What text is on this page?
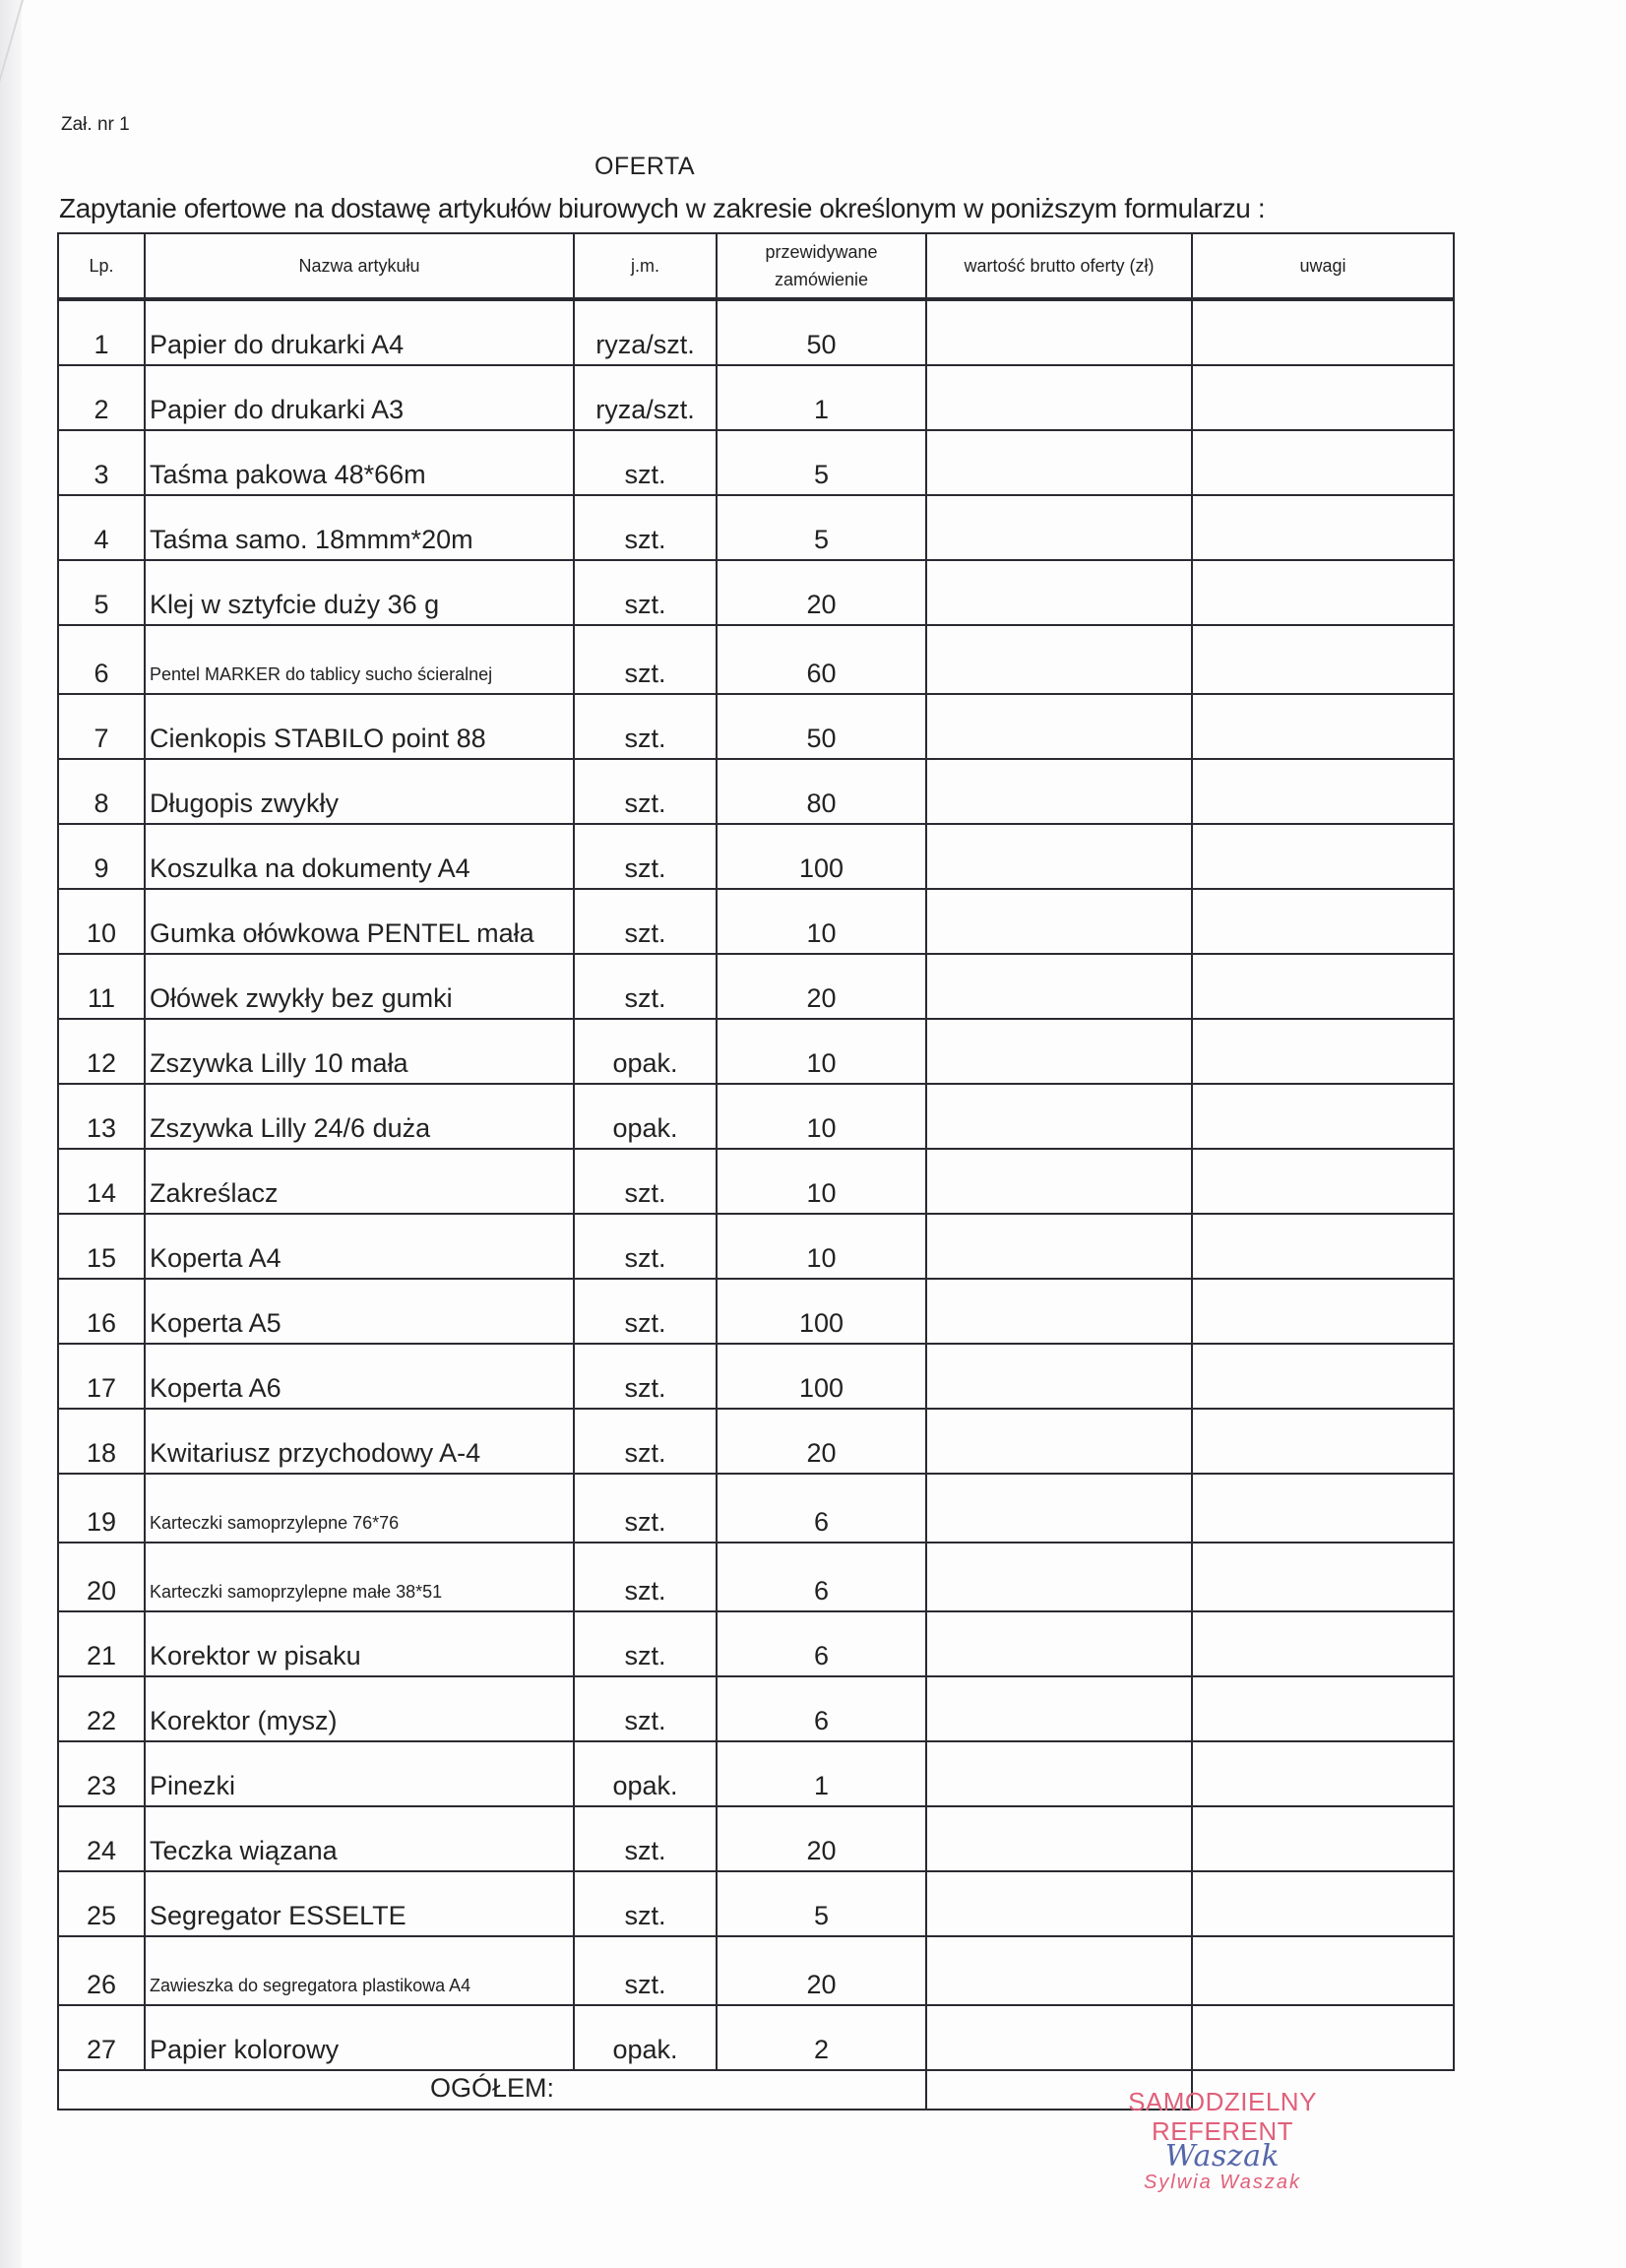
Zał. nr 1
OFERTA
Zapytanie ofertowe na dostawę artykułów biurowych w zakresie określonym w poniższym formularzu :
Lp.	Nazwa artykułu	j.m.	przewidywane zamówienie	wartość brutto oferty (zł)	uwagi
1	Papier do drukarki A4	ryza/szt.	50		
2	Papier do drukarki A3	ryza/szt.	1		
3	Taśma pakowa 48*66m	szt.	5		
4	Taśma samo. 18mmm*20m	szt.	5		
5	Klej w sztyfcie duży 36 g	szt.	20		
6	Pentel MARKER do tablicy sucho ścieralnej	szt.	60		
7	Cienkopis STABILO point 88	szt.	50		
8	Długopis zwykły	szt.	80		
9	Koszulka na dokumenty A4	szt.	100		
10	Gumka ołówkowa PENTEL mała	szt.	10		
11	Ołówek zwykły bez gumki	szt.	20		
12	Zszywka Lilly 10 mała	opak.	10		
13	Zszywka Lilly 24/6 duża	opak.	10		
14	Zakreślacz	szt.	10		
15	Koperta A4	szt.	10		
16	Koperta A5	szt.	100		
17	Koperta A6	szt.	100		
18	Kwitariusz przychodowy A-4	szt.	20		
19	Karteczki samoprzylepne 76*76	szt.	6		
20	Karteczki samoprzylepne małe 38*51	szt.	6		
21	Korektor w pisaku	szt.	6		
22	Korektor (mysz)	szt.	6		
23	Pinezki	opak.	1		
24	Teczka wiązana	szt.	20		
25	Segregator ESSELTE	szt.	5		
26	Zawieszka do segregatora plastikowa A4	szt.	20		
27	Papier kolorowy	opak.	2		
OGÓŁEM:						SAMODZIELNY
REFERENT
Waszak
Sylwia Waszak
